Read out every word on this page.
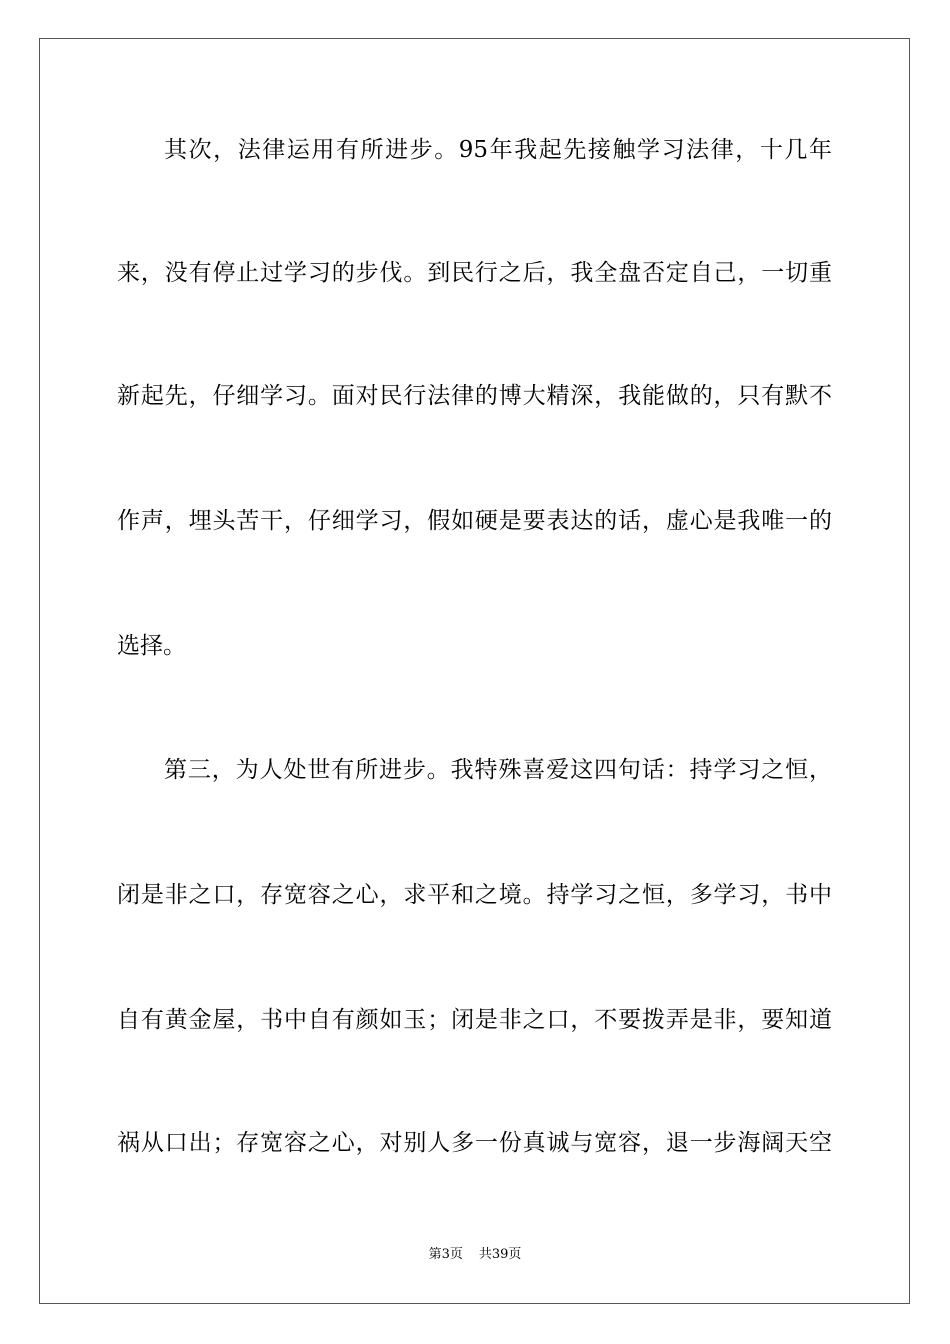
其次，法律运用有所进步。95年我起先接触学习法律，十几年
来，没有停止过学习的步伐。到民行之后，我全盘否定自己，一切重
新起先，仔细学习。面对民行法律的博大精深，我能做的，只有默不
作声，埋头苦干，仔细学习，假如硬是要表达的话，虚心是我唯一的
选择。
第三，为人处世有所进步。我特殊喜爱这四句话：持学习之恒，
闭是非之口，存宽容之心，求平和之境。持学习之恒，多学习，书中
自有黄金屋，书中自有颜如玉；闭是非之口，不要拨弄是非，要知道
祸从口出；存宽容之心，对别人多一份真诚与宽容，退一步海阔天空
第3页 共39页
